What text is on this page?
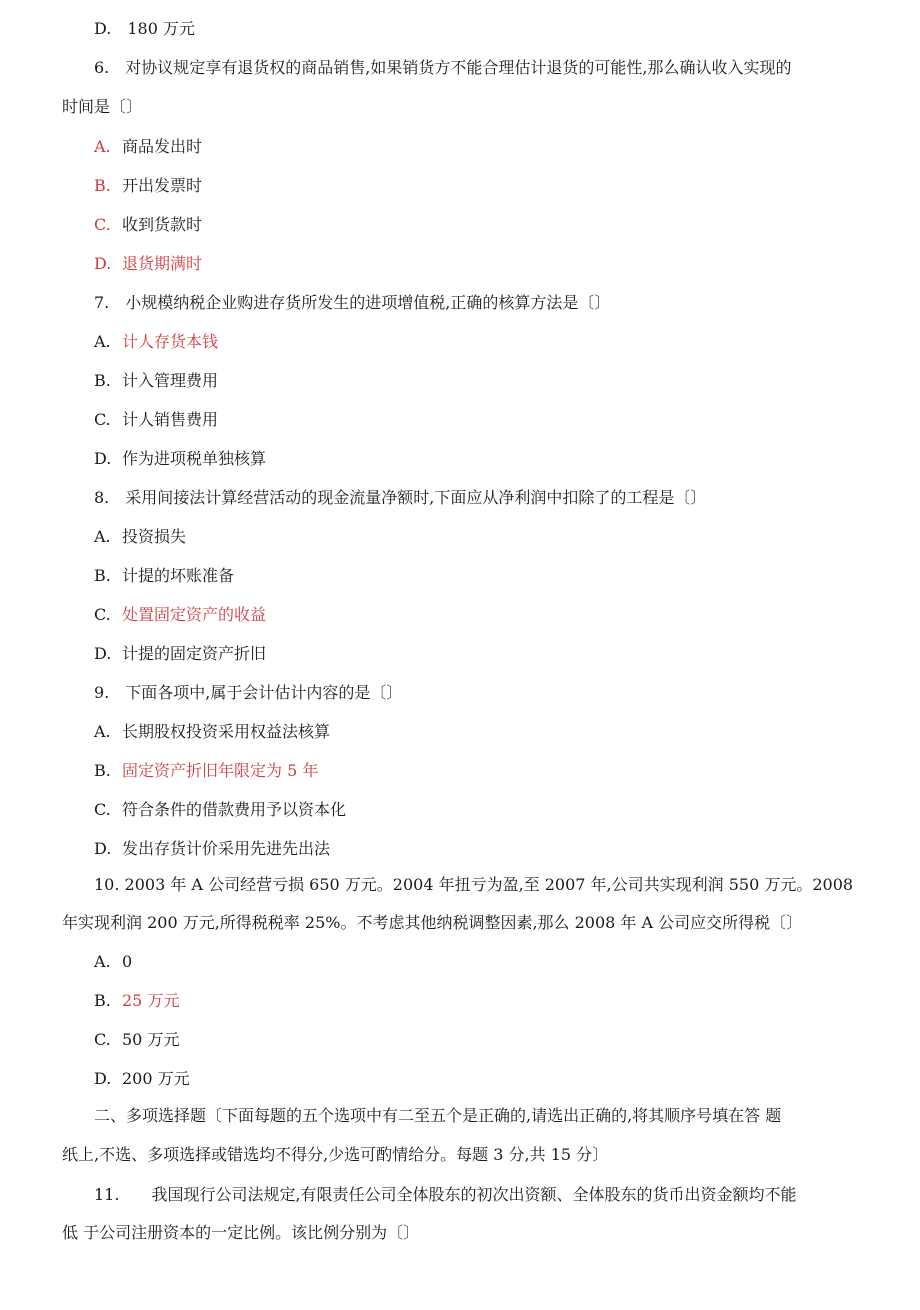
D.　180 万元
6.　对协议规定享有退货权的商品销售,如果销货方不能合理估计退货的可能性,那么确认收入实现的
时间是〔〕
A. 商品发出时
B. 开出发票时
C. 收到货款时
D. 退货期满时
7.　小规模纳税企业购进存货所发生的进项增值税,正确的核算方法是〔〕
A. 计人存货本钱
B. 计入管理费用
C. 计人销售费用
D. 作为进项税单独核算
8.　采用间接法计算经营活动的现金流量净额时,下面应从净利润中扣除了的工程是〔〕
A. 投资损失
B. 计提的坏账准备
C. 处置固定资产的收益
D. 计提的固定资产折旧
9.　下面各项中,属于会计估计内容的是〔〕
A. 长期股权投资采用权益法核算
B. 固定资产折旧年限定为 5 年
C. 符合条件的借款费用予以资本化
D. 发出存货计价采用先进先出法
10. 2003 年 A 公司经营亏损 650 万元。2004 年扭亏为盈,至 2007 年,公司共实现利润 550 万元。2008
年实现利润 200 万元,所得税税率 25%。不考虑其他纳税调整因素,那么 2008 年 A 公司应交所得税〔〕
A. 0
B. 25 万元
C. 50 万元
D. 200 万元
二、多项选择题〔下面每题的五个选项中有二至五个是正确的,请选出正确的,将其顺序号填在答 题
纸上,不选、多项选择或错选均不得分,少选可酌情给分。每题 3 分,共 15 分〕
11.　　我国现行公司法规定,有限责任公司全体股东的初次出资额、全体股东的货币出资金额均不能
低 于公司注册资本的一定比例。该比例分别为〔〕
